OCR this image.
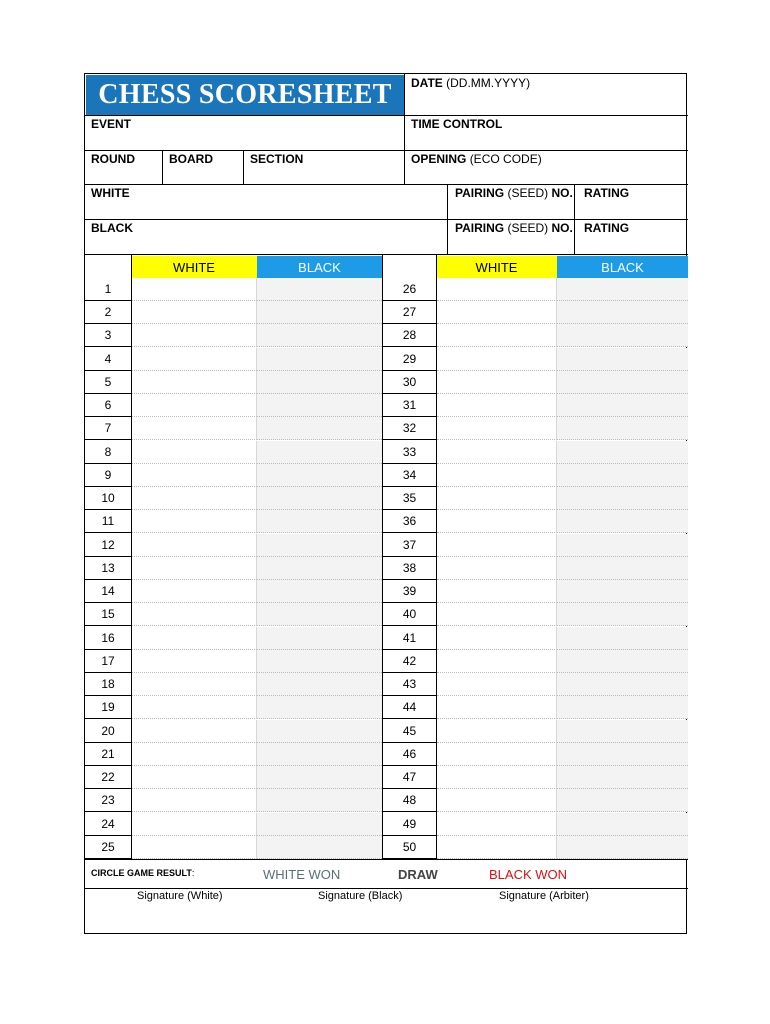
CHESS SCORESHEET	DATE (DD.MM.YYYY)
EVENT	TIME CONTROL
ROUND	BOARD	SECTION	OPENING (ECO CODE)
WHITE	PAIRING (SEED) NO. RATING
BLACK	PAIRING (SEED) NO. RATING
WHITE	BLACK	WHITE	BLACK
1	26
2	27
3	28
4	29
5	30
6	31
7	32
8	33
9	34
10	35
11	36
12	37
13	38
14	39
15	40
16	41
17	42
18	43
19	44
20	45
21	46
22	47
23	48
24	49
25	50
CIRCLE GAME RESULT:	WHITE WON	DRAW	BLACK WON
Signature (White)	Signature (Black)	Signature (Arbiter)
